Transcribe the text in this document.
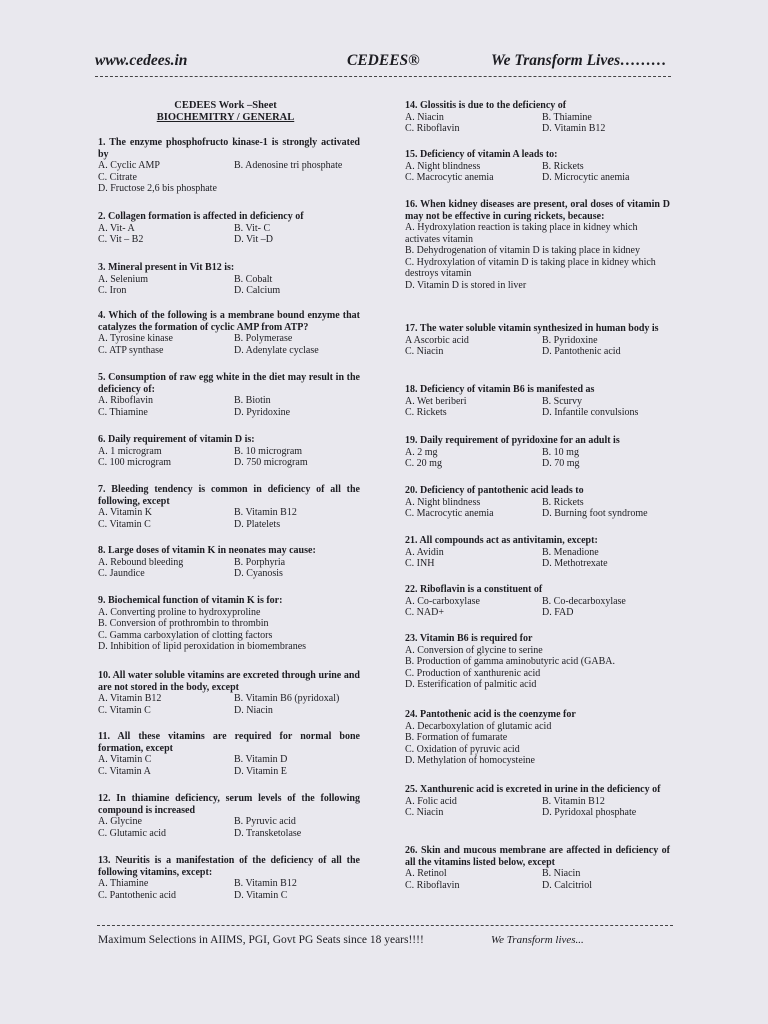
www.cedees.in	CEDEES®	We Transform Lives………
CEDEES Work –Sheet
BIOCHEMITRY / GENERAL
1. The enzyme phosphofructo kinase-1 is strongly activated by
A. Cyclic AMP	B. Adenosine tri phosphate
C. Citrate
D. Fructose 2,6 bis phosphate
2. Collagen formation is affected in deficiency of
A. Vit- A	B. Vit- C
C. Vit – B2	D. Vit –D
3. Mineral present in Vit B12 is:
A. Selenium	B. Cobalt
C. Iron	D. Calcium
4. Which of the following is a membrane bound enzyme that catalyzes the formation of cyclic AMP from ATP?
A. Tyrosine kinase	B. Polymerase
C. ATP synthase	D. Adenylate cyclase
5. Consumption of raw egg white in the diet may result in the deficiency of:
A. Riboflavin	B. Biotin
C. Thiamine	D. Pyridoxine
6. Daily requirement of vitamin D is:
A. 1 microgram	B. 10 microgram
C. 100 microgram	D. 750 microgram
7. Bleeding tendency is common in deficiency of all the following, except
A. Vitamin K	B. Vitamin B12
C. Vitamin C	D. Platelets
8. Large doses of vitamin K in neonates may cause:
A. Rebound bleeding	B. Porphyria
C. Jaundice	D. Cyanosis
9. Biochemical function of vitamin K is for:
A. Converting proline to hydroxyproline
B. Conversion of prothrombin to thrombin
C. Gamma carboxylation of clotting factors
D. Inhibition of lipid peroxidation in biomembranes
10. All water soluble vitamins are excreted through urine and are not stored in the body, except
A. Vitamin B12	B. Vitamin B6 (pyridoxal)
C. Vitamin C	D. Niacin
11. All these vitamins are required for normal bone formation, except
A. Vitamin C	B. Vitamin D
C. Vitamin A	D. Vitamin E
12. In thiamine deficiency, serum levels of the following compound is increased
A. Glycine	B. Pyruvic acid
C. Glutamic acid	D. Transketolase
13. Neuritis is a manifestation of the deficiency of all the following vitamins, except:
A. Thiamine	B. Vitamin B12
C. Pantothenic acid	D. Vitamin C
14. Glossitis is due to the deficiency of
A. Niacin	B. Thiamine
C. Riboflavin	D. Vitamin B12
15. Deficiency of vitamin A leads to:
A. Night blindness	B. Rickets
C. Macrocytic anemia	D. Microcytic anemia
16. When kidney diseases are present, oral doses of vitamin D may not be effective in curing rickets, because:
A. Hydroxylation reaction is taking place in kidney which activates vitamin
B. Dehydrogenation of vitamin D is taking place in kidney
C. Hydroxylation of vitamin D is taking place in kidney which destroys vitamin
D. Vitamin D is stored in liver
17. The water soluble vitamin synthesized in human body is
A Ascorbic acid	B. Pyridoxine
C. Niacin	D. Pantothenic acid
18. Deficiency of vitamin B6 is manifested as
A. Wet beriberi	B. Scurvy
C. Rickets	D. Infantile convulsions
19. Daily requirement of pyridoxine for an adult is
A. 2 mg	B. 10 mg
C. 20 mg	D. 70 mg
20. Deficiency of pantothenic acid leads to
A. Night blindness	B. Rickets
C. Macrocytic anemia	D. Burning foot syndrome
21. All compounds act as antivitamin, except:
A. Avidin	B. Menadione
C. INH	D. Methotrexate
22. Riboflavin is a constituent of
A. Co-carboxylase	B. Co-decarboxylase
C. NAD+	D. FAD
23. Vitamin B6 is required for
A. Conversion of glycine to serine
B. Production of gamma aminobutyric acid (GABA.
C. Production of xanthurenic acid
D. Esterification of palmitic acid
24. Pantothenic acid is the coenzyme for
A. Decarboxylation of glutamic acid
B. Formation of fumarate
C. Oxidation of pyruvic acid
D. Methylation of homocysteine
25. Xanthurenic acid is excreted in urine in the deficiency of
A. Folic acid	B. Vitamin B12
C. Niacin	D. Pyridoxal phosphate
26. Skin and mucous membrane are affected in deficiency of all the vitamins listed below, except
A. Retinol	B. Niacin
C. Riboflavin	D. Calcitriol
Maximum Selections in AIIMS, PGI, Govt PG Seats since 18 years!!!!	We Transform lives...
